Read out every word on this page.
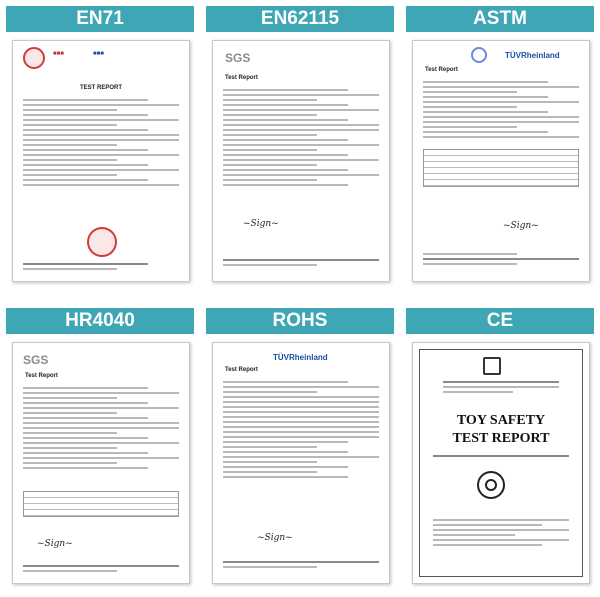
EN71
■■■	■■■
TEST REPORT
EN62115
SGS
Test Report
~Sign~
ASTM
TÜVRheinland
Test Report
~Sign~
HR4040
SGS
Test Report
~Sign~
ROHS
TÜVRheinland
Test Report
~Sign~
CE
TOY SAFETY
TEST REPORT
